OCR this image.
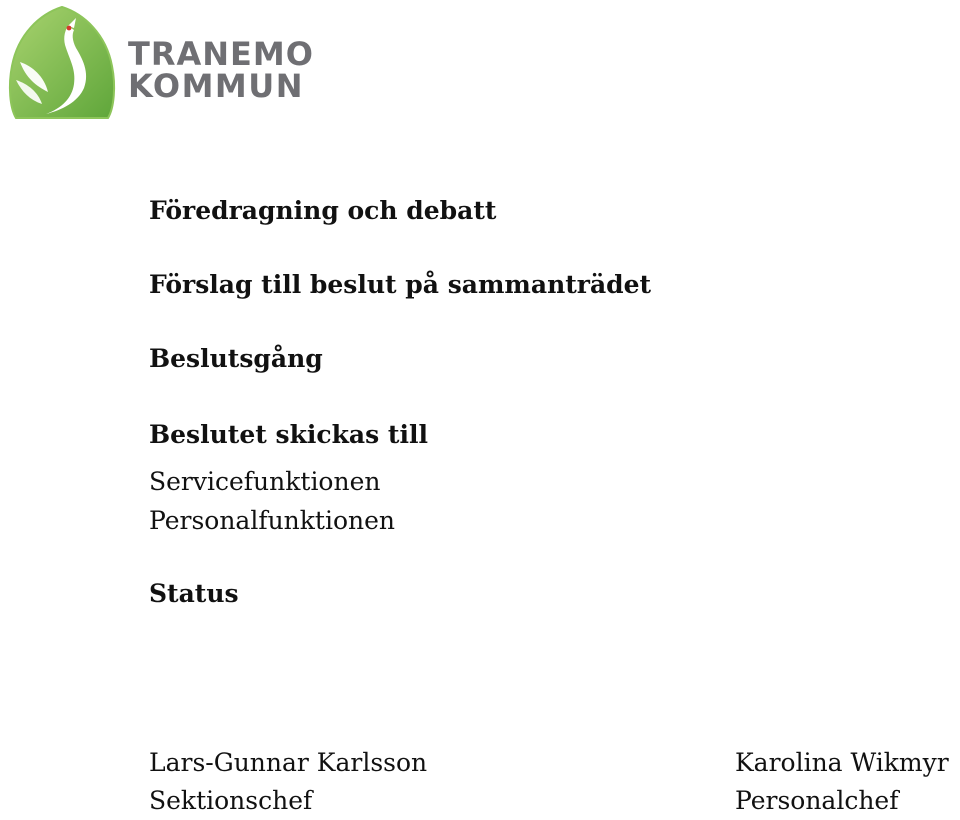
TRANEMO
KOMMUN
Föredragning och debatt
Förslag till beslut på sammanträdet
Beslutsgång
Beslutet skickas till
Servicefunktionen
Personalfunktionen
Status
Lars-Gunnar Karlsson
Sektionschef
Karolina Wikmyr
Personalchef
